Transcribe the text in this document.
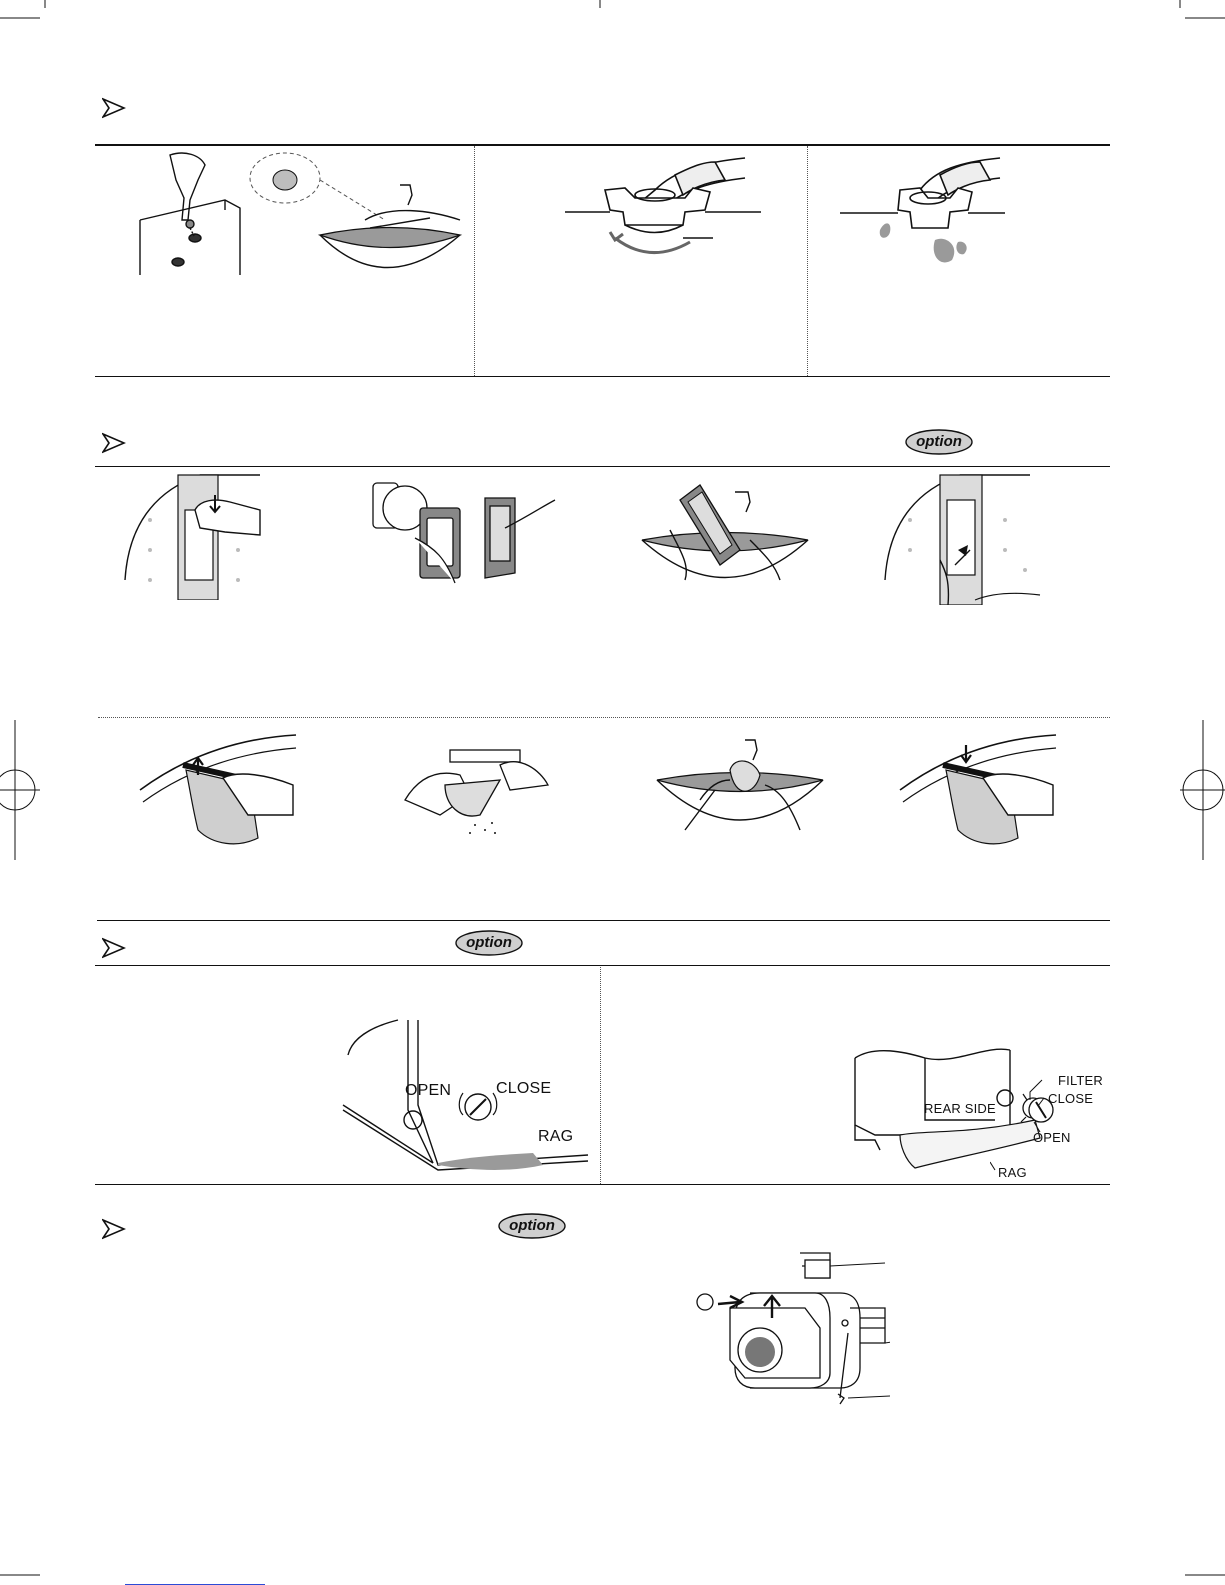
option
option
OPEN	CLOSE
RAG
FILTER
CLOSE
REAR SIDE
OPEN
RAG
option
